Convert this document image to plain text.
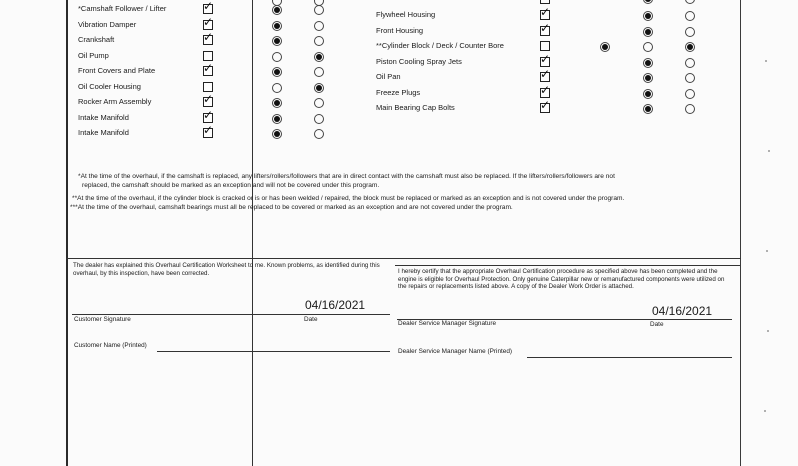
*Camshaft Follower / Lifter
✓
Vibration Damper
✓
Crankshaft
✓
Oil Pump
Front Covers and Plate
✓
Oil Cooler Housing
Rocker Arm Assembly
✓
Intake Manifold
✓
Intake Manifold
✓
Flywheel Housing
✓
Front Housing
✓
**Cylinder Block / Deck / Counter Bore
Piston Cooling Spray Jets
✓
Oil Pan
✓
Freeze Plugs
✓
Main Bearing Cap Bolts
✓
*At the time of the overhaul, if the camshaft is replaced, any lifters/rollers/followers that are in direct contact with the camshaft must also be replaced. If the lifters/rollers/followers are not
replaced, the camshaft should be marked as an exception and will not be covered under this program.
**At the time of the overhaul, if the cylinder block is cracked or is or has been welded / repaired, the block must be replaced or marked as an exception and is not covered under the program.
***At the time of the overhaul, camshaft bearings must all be replaced to be covered or marked as an exception and are not covered under the program.
The dealer has explained this Overhaul Certification Worksheet to me. Known problems, as identified during this overhaul, by this inspection, have been corrected.
04/16/2021
Customer Signature	Date
Customer Name (Printed)
I hereby certify that the appropriate Overhaul Certification procedure as specified above has been completed and the engine is eligible for Overhaul Protection. Only genuine Caterpillar new or remanufactured components were utilized on the repairs or replacements listed above. A copy of the Dealer Work Order is attached.
04/16/2021
Dealer Service Manager Signature	Date
Dealer Service Manager Name (Printed)
